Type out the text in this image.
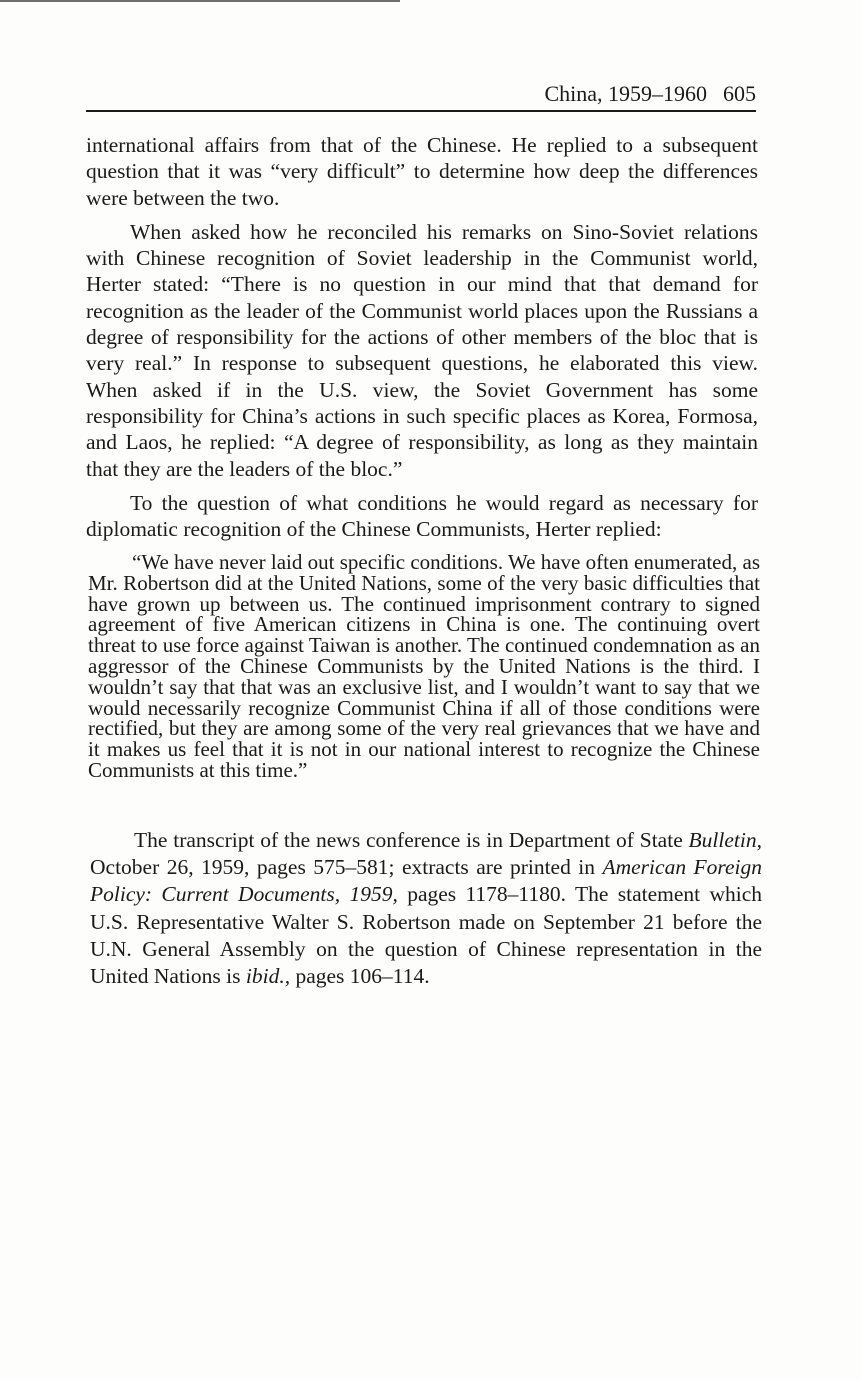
China, 1959–1960 605

international affairs from that of the Chinese. He replied to a subsequent question that it was “very difficult” to determine how deep the differences were between the two.

When asked how he reconciled his remarks on Sino-Soviet relations with Chinese recognition of Soviet leadership in the Communist world, Herter stated: “There is no question in our mind that that demand for recognition as the leader of the Communist world places upon the Russians a degree of responsibility for the actions of other members of the bloc that is very real.” In response to subsequent questions, he elaborated this view. When asked if in the U.S. view, the Soviet Government has some responsibility for China’s actions in such specific places as Korea, Formosa, and Laos, he replied: “A degree of responsibility, as long as they maintain that they are the leaders of the bloc.”

To the question of what conditions he would regard as necessary for diplomatic recognition of the Chinese Communists, Herter replied:

“We have never laid out specific conditions. We have often enumerated, as Mr. Robertson did at the United Nations, some of the very basic difficulties that have grown up between us. The continued imprisonment contrary to signed agreement of five American citizens in China is one. The continuing overt threat to use force against Taiwan is another. The continued condemnation as an aggressor of the Chinese Communists by the United Nations is the third. I wouldn’t say that that was an exclusive list, and I wouldn’t want to say that we would necessarily recognize Communist China if all of those conditions were rectified, but they are among some of the very real grievances that we have and it makes us feel that it is not in our national interest to recognize the Chinese Communists at this time.”
The transcript of the news conference is in Department of State Bulletin, October 26, 1959, pages 575–581; extracts are printed in American Foreign Policy: Current Documents, 1959, pages 1178–1180. The statement which U.S. Representative Walter S. Robertson made on September 21 before the U.N. General Assembly on the question of Chinese representation in the United Nations is ibid., pages 106–114.
